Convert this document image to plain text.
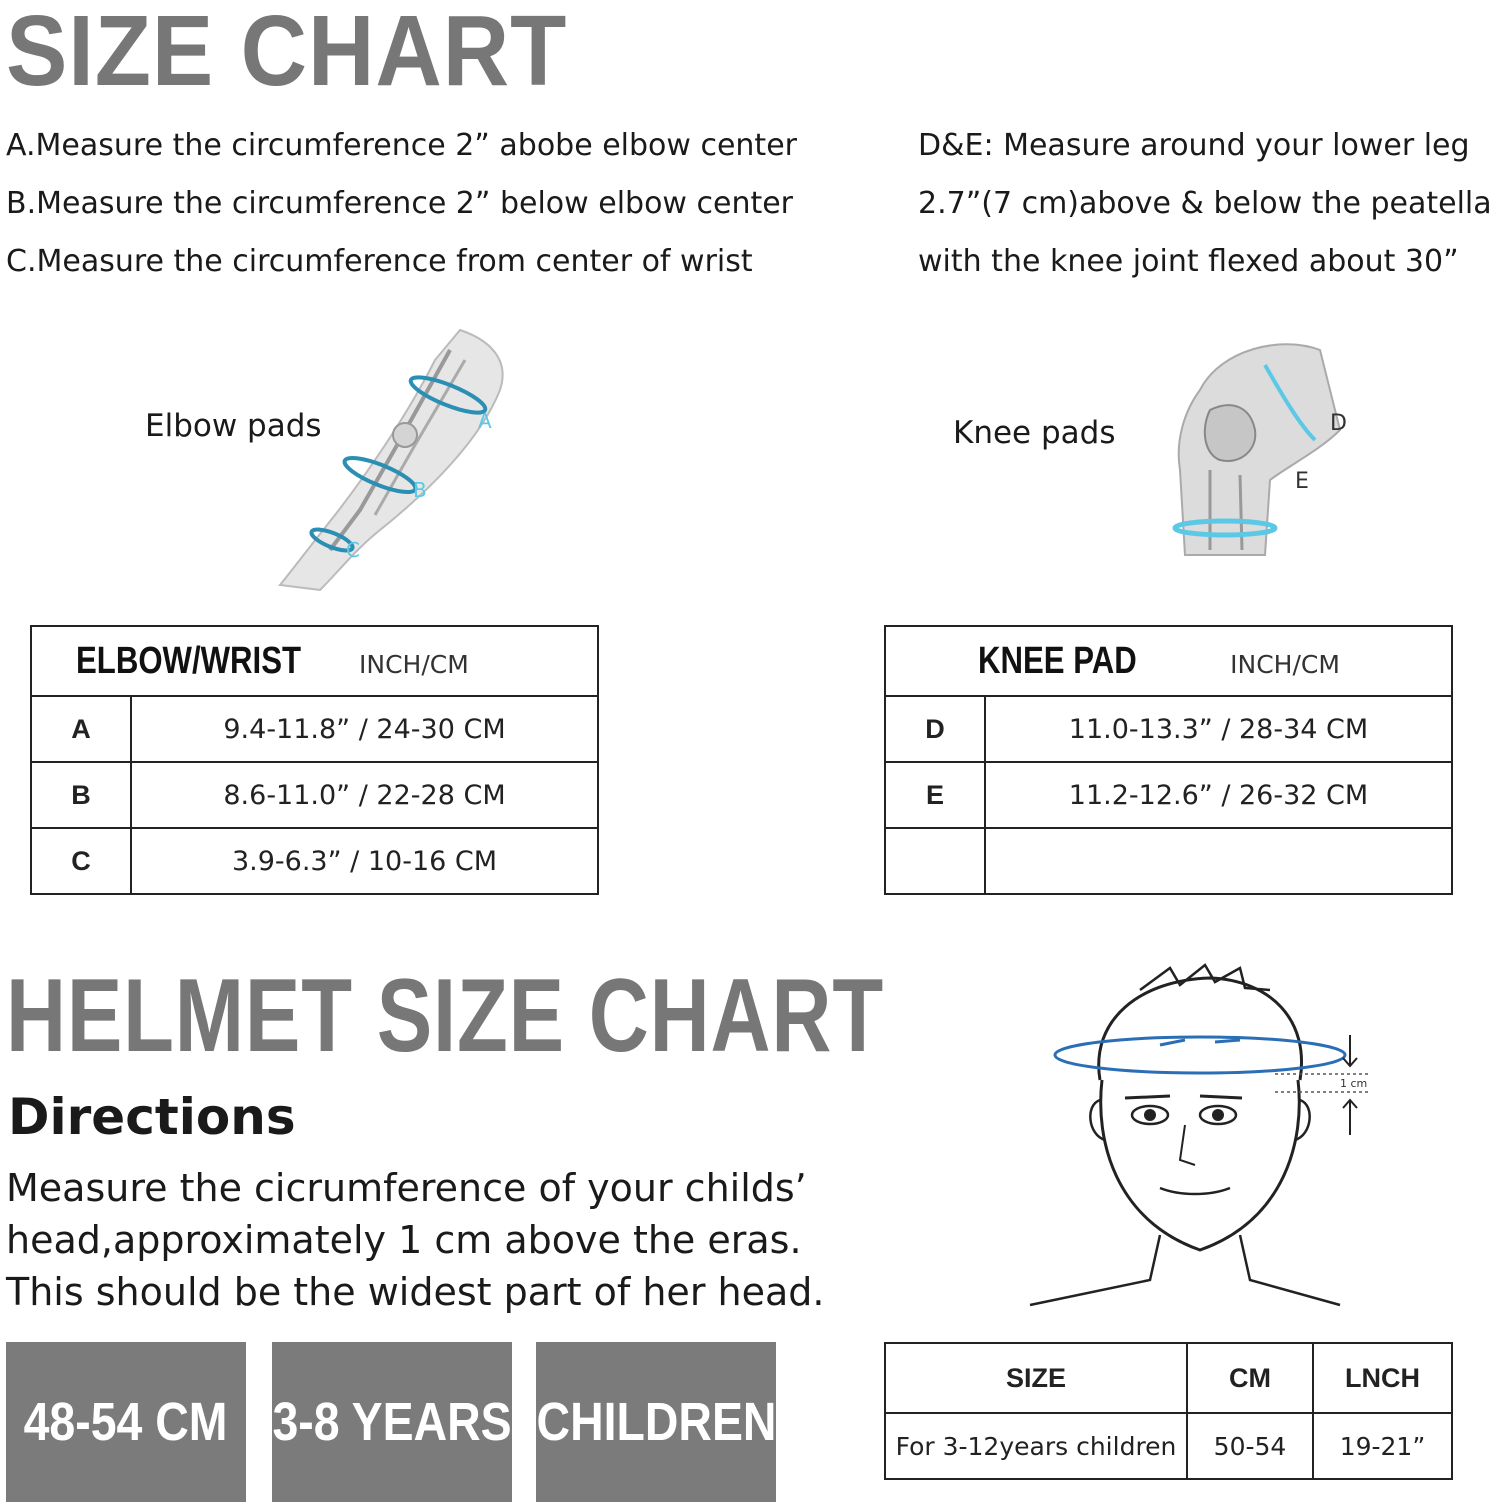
SIZE CHART
A.Measure the circumference 2” abobe elbow center
B.Measure the circumference 2” below elbow center
C.Measure the circumference from center of wrist
D&E: Measure around your lower leg
2.7”(7 cm)above & below the peatella
with the knee joint flexed about 30”
Elbow pads	A
B
C
Knee pads	D
E
ELBOW/WRIST INCH/CM	
A	9.4-11.8” / 24-30 CM
B	8.6-11.0” / 22-28 CM
C	3.9-6.3” / 10-16 CM
KNEE PAD INCH/CM	
D	11.0-13.3” / 28-34 CM
E	11.2-12.6” / 26-32 CM

HELMET SIZE CHART
Directions
Measure the cicrumference of your childs’
head,approximately 1 cm above the eras.
This should be the widest part of her head.
1 cm
48-54 CM 3-8 YEARS CHILDREN
SIZE	CM	LNCH
For 3-12years children	50-54	19-21”
